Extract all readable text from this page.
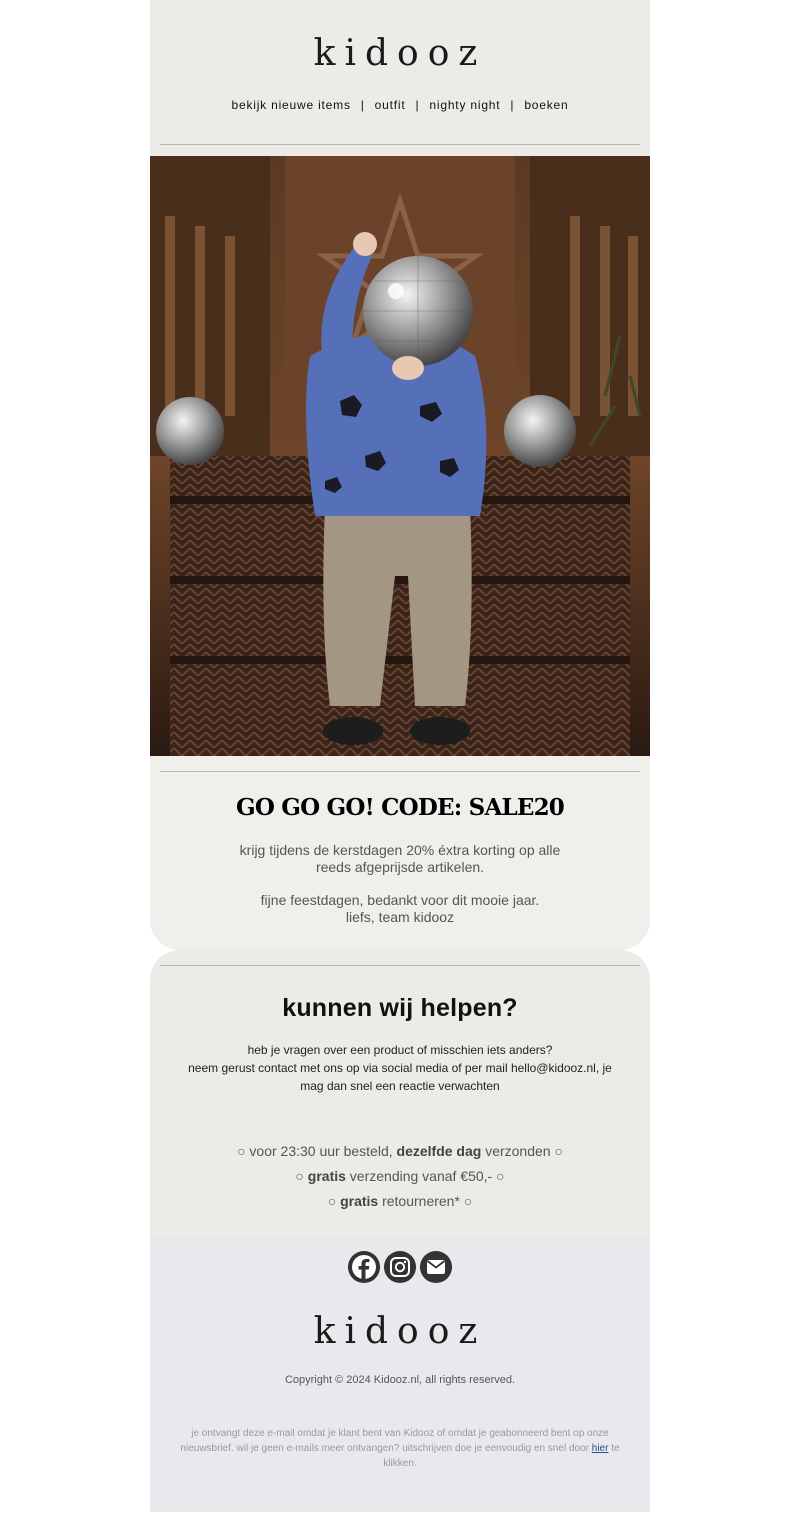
kidooz
bekijk nieuwe items | outfit | nighty night | boeken
GO GO GO! CODE: SALE20
krijg tijdens de kerstdagen 20% éxtra korting op alle
reeds afgeprijsde artikelen.
fijne feestdagen, bedankt voor dit mooie jaar.
liefs, team kidooz
kunnen wij helpen?
heb je vragen over een product of misschien iets anders?
neem gerust contact met ons op via social media of per mail hello@kidooz.nl, je mag dan snel een reactie verwachten
○ voor 23:30 uur besteld, dezelfde dag verzonden ○
○ gratis verzending vanaf €50,- ○
○ gratis retourneren* ○
kidooz
Copyright © 2024 Kidooz.nl, all rights reserved.
je ontvangt deze e-mail omdat je klant bent van Kidooz of omdat je geabonneerd bent op onze nieuwsbrief. wil je geen e-mails meer ontvangen? uitschrijven doe je eenvoudig en snel door hier te klikken.
